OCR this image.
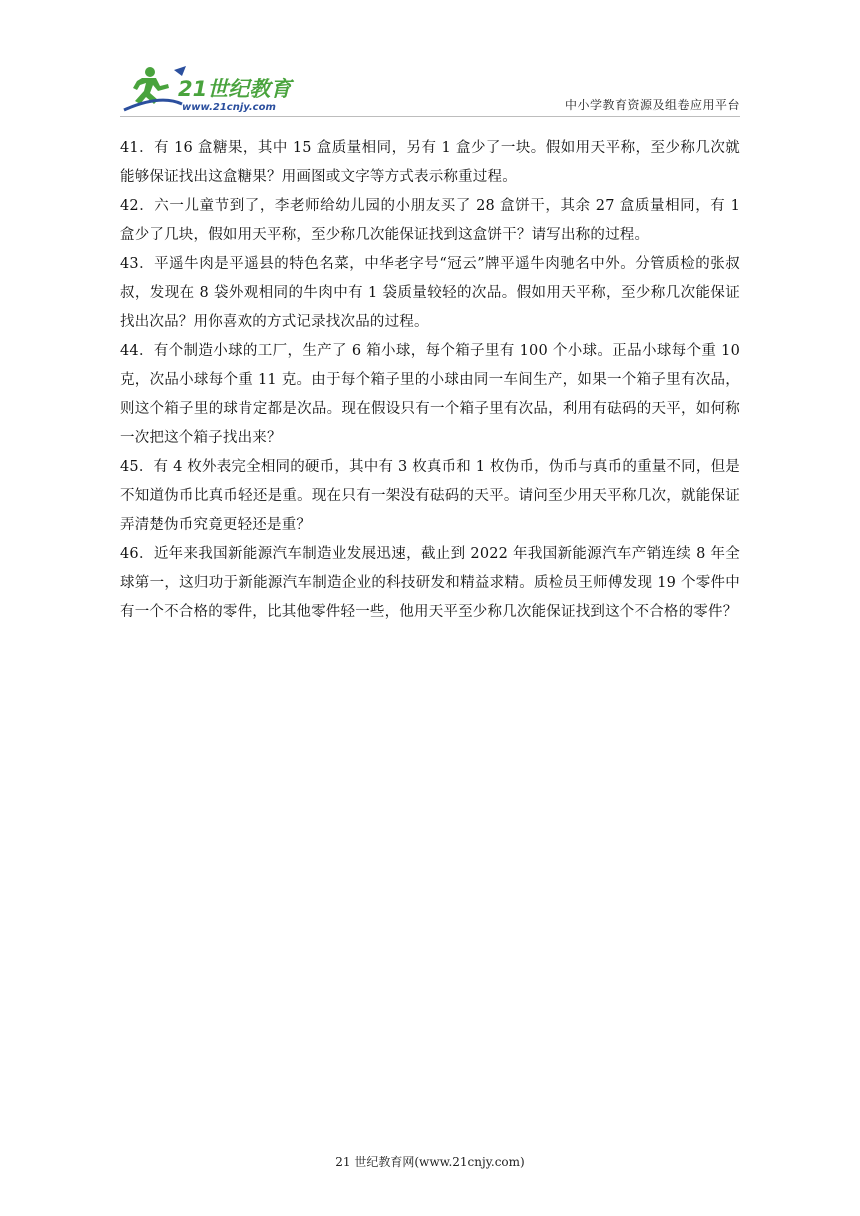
21世纪教育
www.21cnjy.com	中小学教育资源及组卷应用平台

41．有 16 盒糖果，其中 15 盒质量相同，另有 1 盒少了一块。假如用天平称，至少称几次就能够保证找出这盒糖果？用画图或文字等方式表示称重过程。

42．六一儿童节到了，李老师给幼儿园的小朋友买了 28 盒饼干，其余 27 盒质量相同，有 1 盒少了几块，假如用天平称，至少称几次能保证找到这盒饼干？请写出称的过程。

43．平遥牛肉是平遥县的特色名菜，中华老字号“冠云”牌平遥牛肉驰名中外。分管质检的张叔叔，发现在 8 袋外观相同的牛肉中有 1 袋质量较轻的次品。假如用天平称，至少称几次能保证找出次品？用你喜欢的方式记录找次品的过程。

44．有个制造小球的工厂，生产了 6 箱小球，每个箱子里有 100 个小球。正品小球每个重 10 克，次品小球每个重 11 克。由于每个箱子里的小球由同一车间生产，如果一个箱子里有次品，则这个箱子里的球肯定都是次品。现在假设只有一个箱子里有次品，利用有砝码的天平，如何称一次把这个箱子找出来？

45．有 4 枚外表完全相同的硬币，其中有 3 枚真币和 1 枚伪币，伪币与真币的重量不同，但是不知道伪币比真币轻还是重。现在只有一架没有砝码的天平。请问至少用天平称几次，就能保证弄清楚伪币究竟更轻还是重？

46．近年来我国新能源汽车制造业发展迅速，截止到 2022 年我国新能源汽车产销连续 8 年全球第一，这归功于新能源汽车制造企业的科技研发和精益求精。质检员王师傅发现 19 个零件中有一个不合格的零件，比其他零件轻一些，他用天平至少称几次能保证找到这个不合格的零件？

21 世纪教育网(www.21cnjy.com)
